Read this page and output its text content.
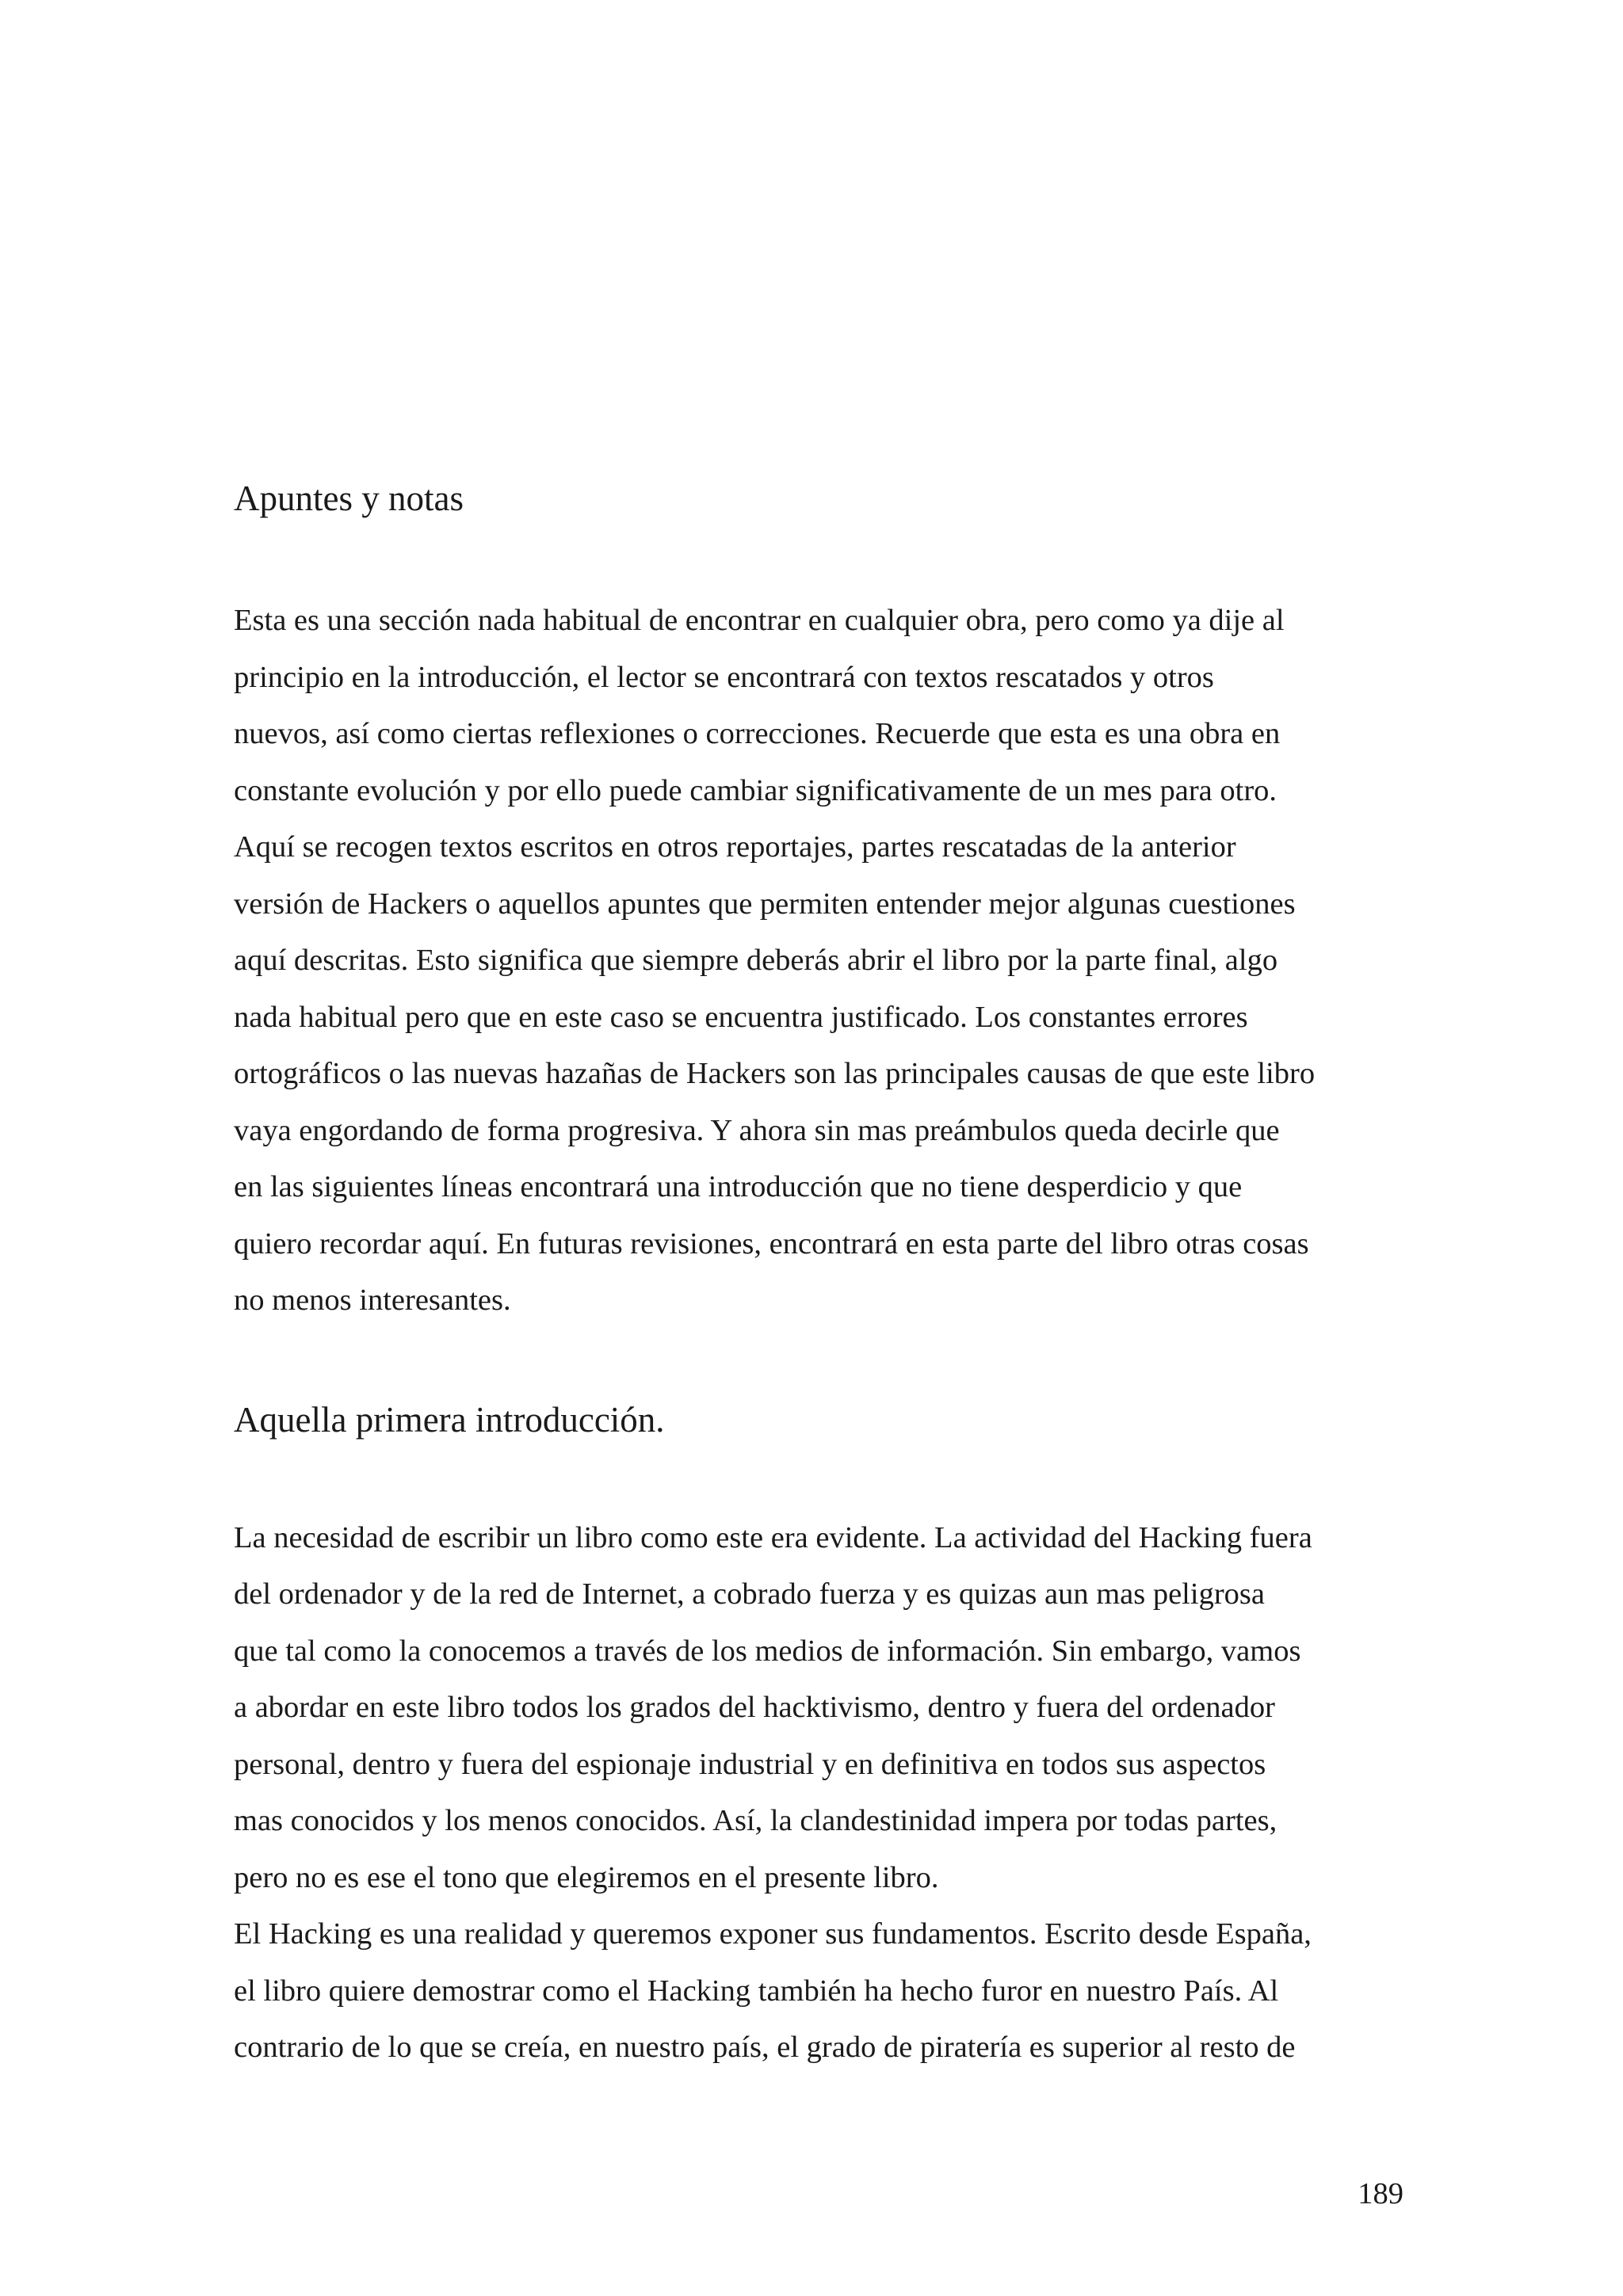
Apuntes y notas

Esta es una sección nada habitual de encontrar en cualquier obra, pero como ya dije al

principio en la introducción, el lector se encontrará con textos rescatados y otros

nuevos, así como ciertas reflexiones o correcciones. Recuerde que esta es una obra en

constante evolución y por ello puede cambiar significativamente de un mes para otro.

Aquí se recogen textos escritos en otros reportajes, partes rescatadas de la anterior

versión de Hackers o aquellos apuntes que permiten entender mejor algunas cuestiones

aquí descritas. Esto significa que siempre deberás abrir el libro por la parte final, algo

nada habitual pero que en este caso se encuentra justificado. Los constantes errores

ortográficos o las nuevas hazañas de Hackers son las principales causas de que este libro

vaya engordando de forma progresiva. Y ahora sin mas preámbulos queda decirle que

en las siguientes líneas encontrará una introducción que no tiene desperdicio y que

quiero recordar aquí. En futuras revisiones, encontrará en esta parte del libro otras cosas

no menos interesantes.

Aquella primera introducción.

La necesidad de escribir un libro como este era evidente. La actividad del Hacking fuera

del ordenador y de la red de Internet, a cobrado fuerza y es quizas aun mas peligrosa

que tal como la conocemos a través de los medios de información. Sin embargo, vamos

a abordar en este libro todos los grados del hacktivismo, dentro y fuera del ordenador

personal, dentro y fuera del espionaje industrial y en definitiva en todos sus aspectos

mas conocidos y los menos conocidos. Así, la clandestinidad impera por todas partes,

pero no es ese el tono que elegiremos en el presente libro.

El Hacking es una realidad y queremos exponer sus fundamentos. Escrito desde España,

el libro quiere demostrar como el Hacking también ha hecho furor en nuestro País. Al

contrario de lo que se creía, en nuestro país, el grado de piratería es superior al resto de

189
